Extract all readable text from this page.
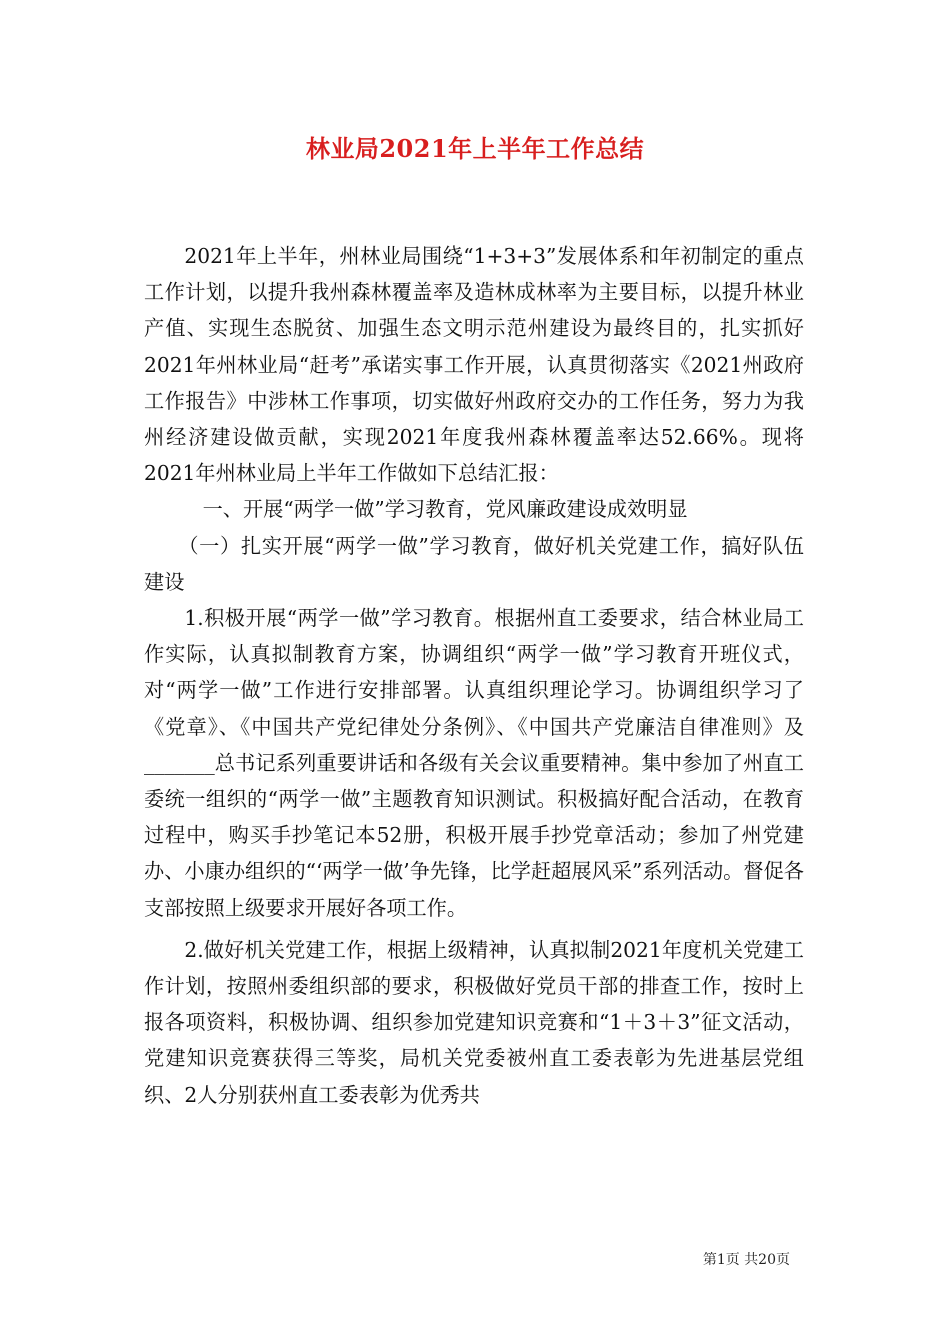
林业局2021年上半年工作总结

2021年上半年，州林业局围绕“1+3+3”发展体系和年初制定的重点工作计划，以提升我州森林覆盖率及造林成林率为主要目标，以提升林业产值、实现生态脱贫、加强生态文明示范州建设为最终目的，扎实抓好2021年州林业局“赶考”承诺实事工作开展，认真贯彻落实《2021州政府工作报告》中涉林工作事项，切实做好州政府交办的工作任务，努力为我州经济建设做贡献，实现2021年度我州森林覆盖率达52.66%。现将2021年州林业局上半年工作做如下总结汇报：

一、开展“两学一做”学习教育，党风廉政建设成效明显

（一）扎实开展“两学一做”学习教育，做好机关党建工作，搞好队伍建设

1.积极开展“两学一做”学习教育。根据州直工委要求，结合林业局工作实际，认真拟制教育方案，协调组织“两学一做”学习教育开班仪式，对“两学一做”工作进行安排部署。认真组织理论学习。协调组织学习了《党章》、《中国共产党纪律处分条例》、《中国共产党廉洁自律准则》及_______总书记系列重要讲话和各级有关会议重要精神。集中参加了州直工委统一组织的“两学一做”主题教育知识测试。积极搞好配合活动，在教育过程中，购买手抄笔记本52册，积极开展手抄党章活动；参加了州党建办、小康办组织的“‘两学一做’争先锋，比学赶超展风采”系列活动。督促各支部按照上级要求开展好各项工作。

2.做好机关党建工作，根据上级精神，认真拟制2021年度机关党建工作计划，按照州委组织部的要求，积极做好党员干部的排查工作，按时上报各项资料，积极协调、组织参加党建知识竞赛和“1＋3＋3”征文活动，党建知识竞赛获得三等奖，局机关党委被州直工委表彰为先进基层党组织、2人分别获州直工委表彰为优秀共

第1页 共20页
